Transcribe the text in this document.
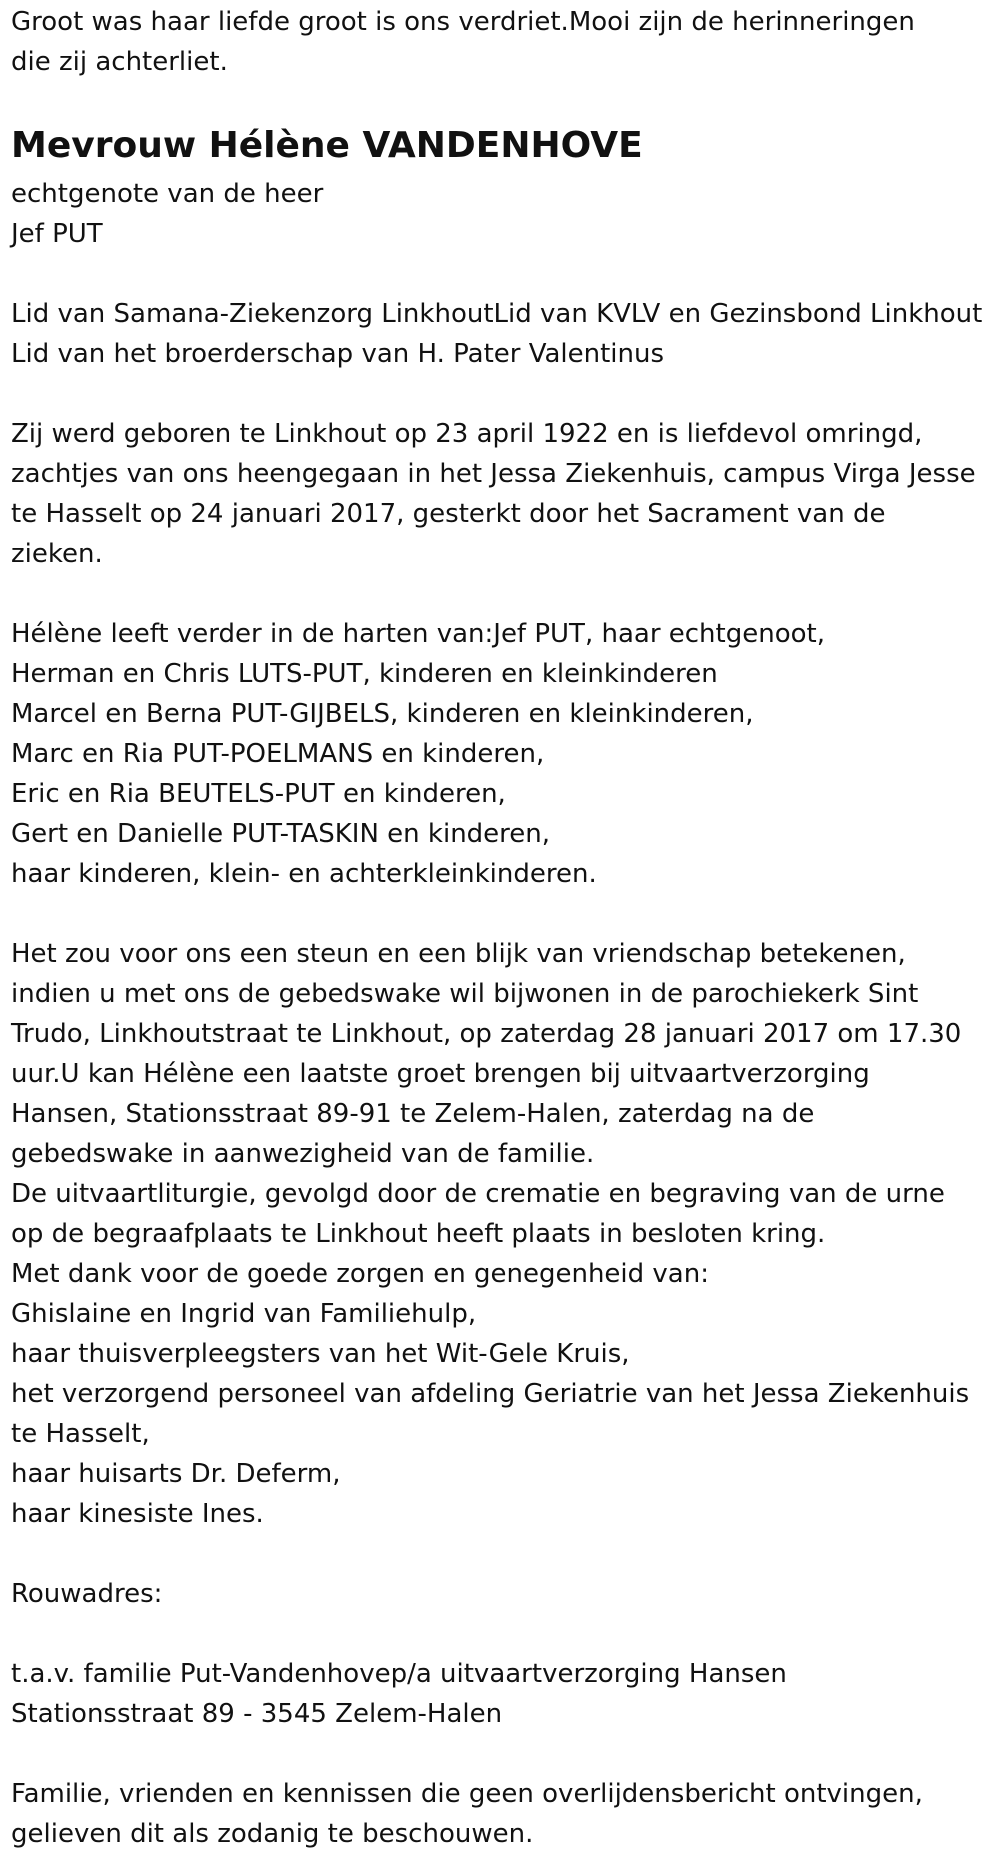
Groot was haar liefde groot is ons verdriet.Mooi zijn de herinneringen
die zij achterliet.
Mevrouw Hélène VANDENHOVE
echtgenote van de heer
Jef PUT
Lid van Samana-Ziekenzorg LinkhoutLid van KVLV en Gezinsbond Linkhout
Lid van het broerderschap van H. Pater Valentinus
Zij werd geboren te Linkhout op 23 april 1922 en is liefdevol omringd,
zachtjes van ons heengegaan in het Jessa Ziekenhuis, campus Virga Jesse
te Hasselt op 24 januari 2017, gesterkt door het Sacrament van de
zieken.
Hélène leeft verder in de harten van:Jef PUT, haar echtgenoot,
Herman en Chris LUTS-PUT, kinderen en kleinkinderen
Marcel en Berna PUT-GIJBELS, kinderen en kleinkinderen,
Marc en Ria PUT-POELMANS en kinderen,
Eric en Ria BEUTELS-PUT en kinderen,
Gert en Danielle PUT-TASKIN en kinderen,
haar kinderen, klein- en achterkleinkinderen.
Het zou voor ons een steun en een blijk van vriendschap betekenen,
indien u met ons de gebedswake wil bijwonen in de parochiekerk Sint
Trudo, Linkhoutstraat te Linkhout, op zaterdag 28 januari 2017 om 17.30
uur.U kan Hélène een laatste groet brengen bij uitvaartverzorging
Hansen, Stationsstraat 89-91 te Zelem-Halen, zaterdag na de
gebedswake in aanwezigheid van de familie.
De uitvaartliturgie, gevolgd door de crematie en begraving van de urne
op de begraafplaats te Linkhout heeft plaats in besloten kring.
Met dank voor de goede zorgen en genegenheid van:
Ghislaine en Ingrid van Familiehulp,
haar thuisverpleegsters van het Wit-Gele Kruis,
het verzorgend personeel van afdeling Geriatrie van het Jessa Ziekenhuis
te Hasselt,
haar huisarts Dr. Deferm,
haar kinesiste Ines.
Rouwadres:
t.a.v. familie Put-Vandenhovep/a uitvaartverzorging Hansen
Stationsstraat 89 - 3545 Zelem-Halen
Familie, vrienden en kennissen die geen overlijdensbericht ontvingen,
gelieven dit als zodanig te beschouwen.
